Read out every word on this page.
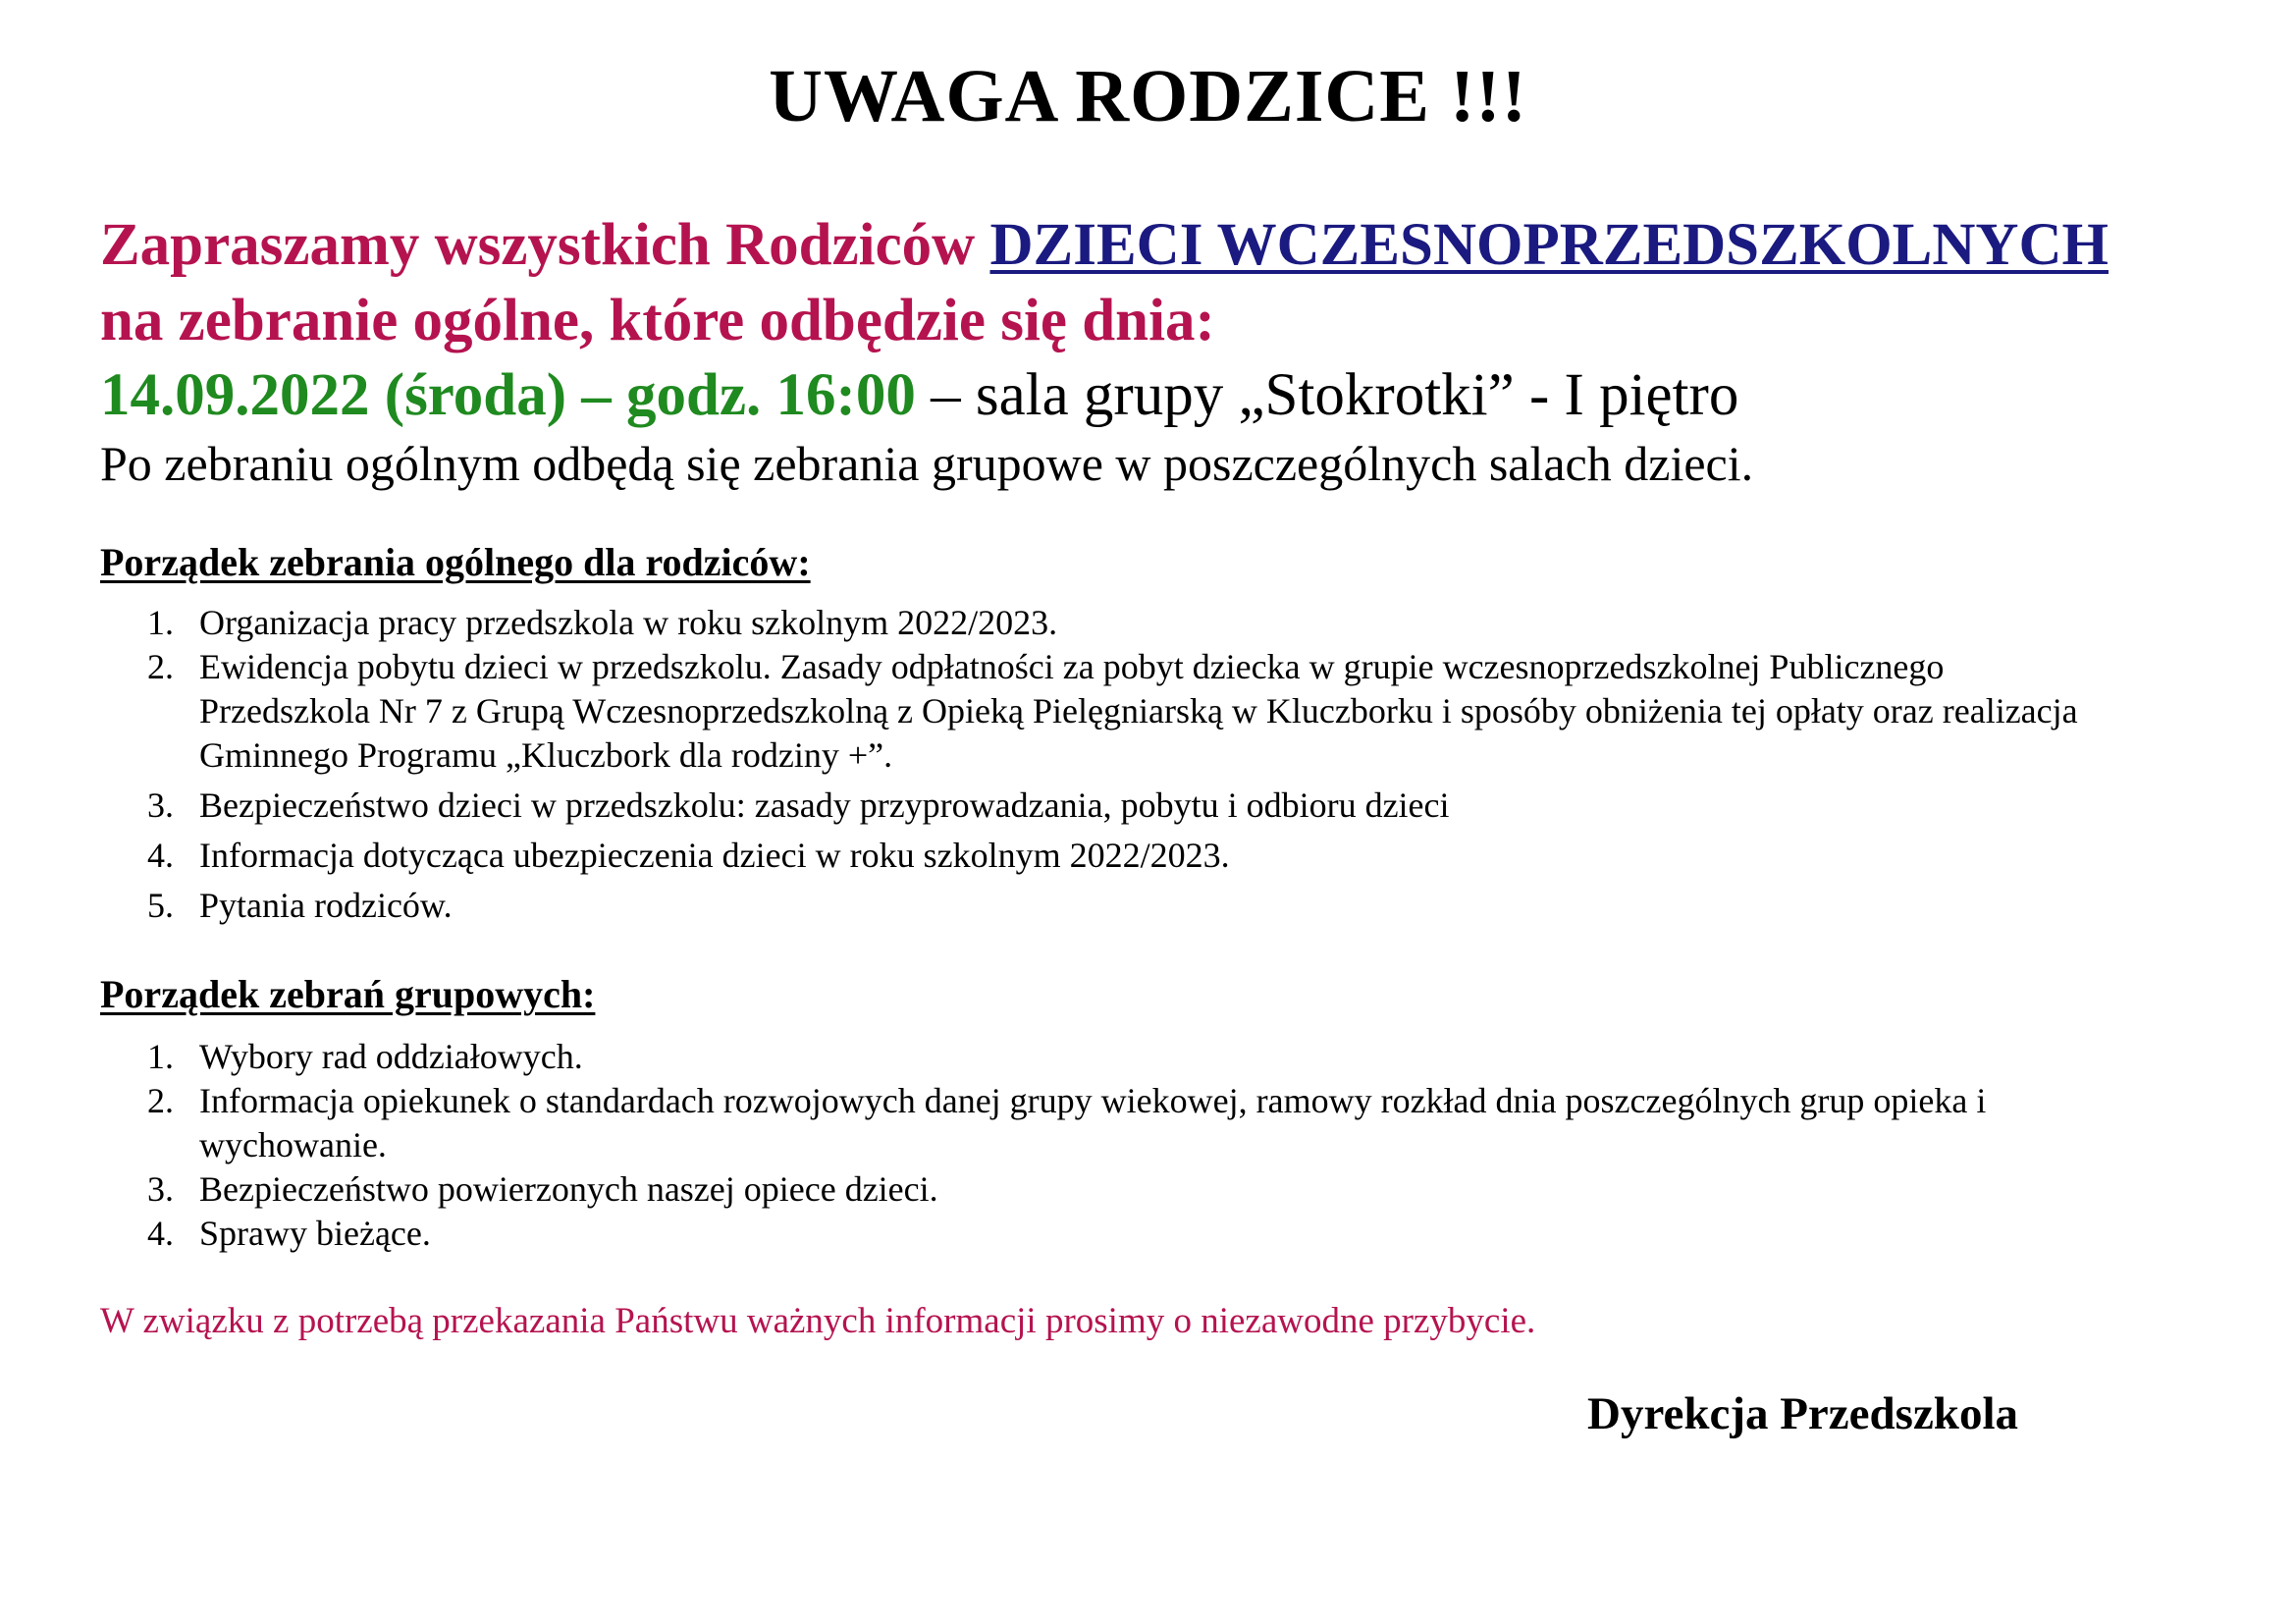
UWAGA RODZICE !!!
Zapraszamy wszystkich Rodziców DZIECI WCZESNOPRZEDSZKOLNYCH
na zebranie ogólne, które odbędzie się dnia:
14.09.2022 (środa) – godz. 16:00 – sala grupy „Stokrotki” - I piętro
Po zebraniu ogólnym odbędą się zebrania grupowe w poszczególnych salach dzieci.
Porządek zebrania ogólnego dla rodziców:
1. Organizacja pracy przedszkola w roku szkolnym 2022/2023.
2. Ewidencja pobytu dzieci w przedszkolu. Zasady odpłatności za pobyt dziecka w grupie wczesnoprzedszkolnej Publicznego Przedszkola Nr 7 z Grupą Wczesnoprzedszkolną z Opieką Pielęgniarską w Kluczborku i sposóby obniżenia tej opłaty oraz realizacja Gminnego Programu „Kluczbork dla rodziny +”.
3. Bezpieczeństwo dzieci w przedszkolu: zasady przyprowadzania, pobytu i odbioru dzieci
4. Informacja dotycząca ubezpieczenia dzieci w roku szkolnym 2022/2023.
5. Pytania rodziców.
Porządek zebrań grupowych:
1. Wybory rad oddziałowych.
2. Informacja opiekunek o standardach rozwojowych danej grupy wiekowej, ramowy rozkład dnia poszczególnych grup opieka i wychowanie.
3. Bezpieczeństwo powierzonych naszej opiece dzieci.
4. Sprawy bieżące.
W związku z potrzebą przekazania Państwu ważnych informacji prosimy o niezawodne przybycie.
Dyrekcja Przedszkola
